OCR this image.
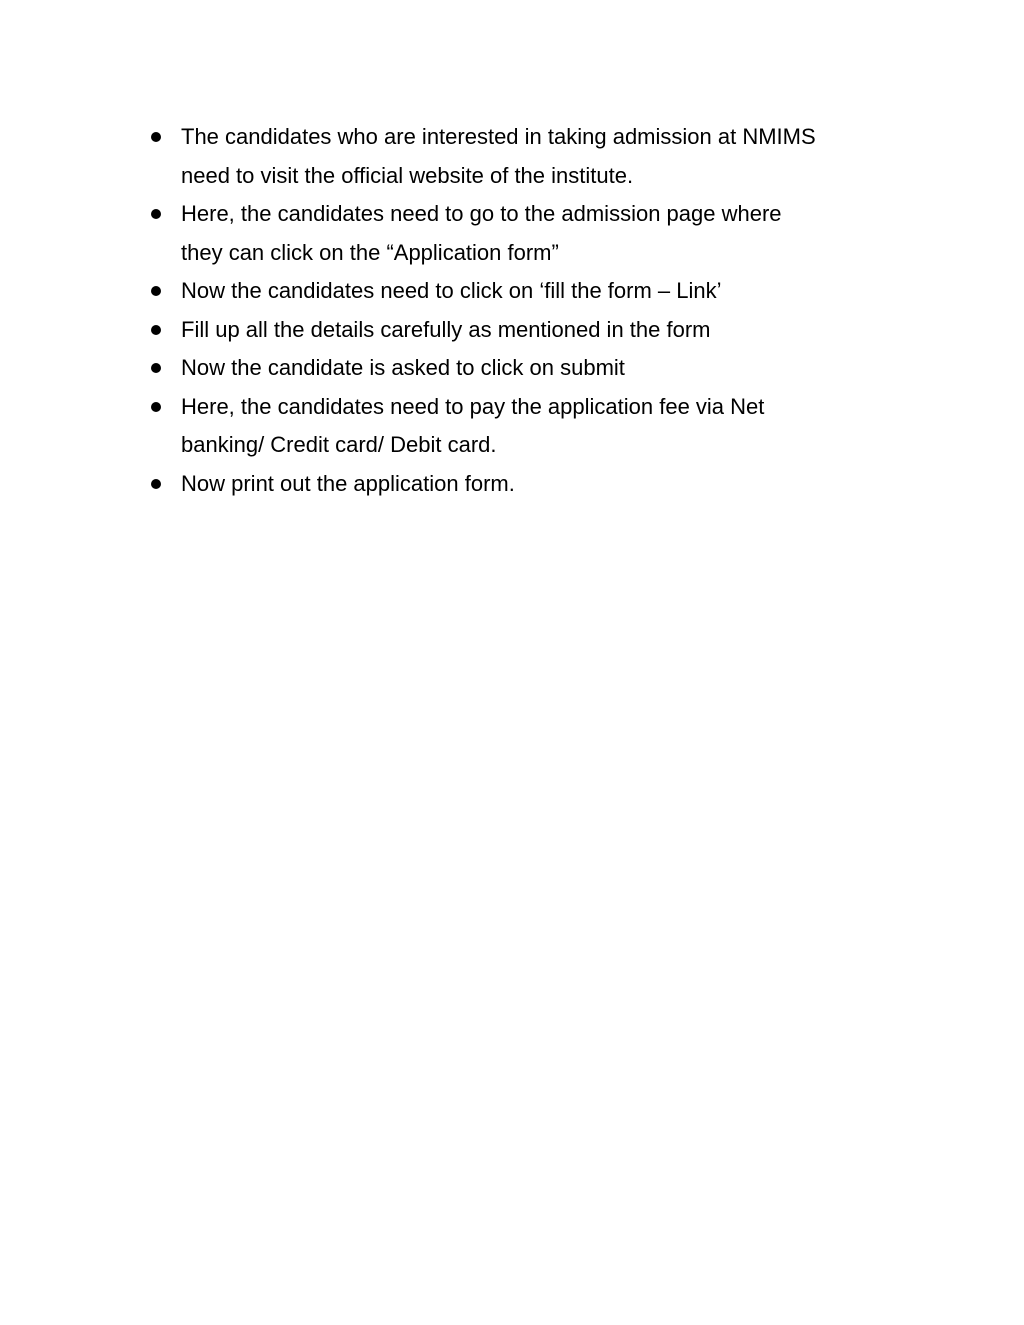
The candidates who are interested in taking admission at NMIMS
need to visit the official website of the institute.
Here, the candidates need to go to the admission page where
they can click on the “Application form”
Now the candidates need to click on ‘fill the form – Link’
Fill up all the details carefully as mentioned in the form
Now the candidate is asked to click on submit
Here, the candidates need to pay the application fee via Net
banking/ Credit card/ Debit card.
Now print out the application form.
